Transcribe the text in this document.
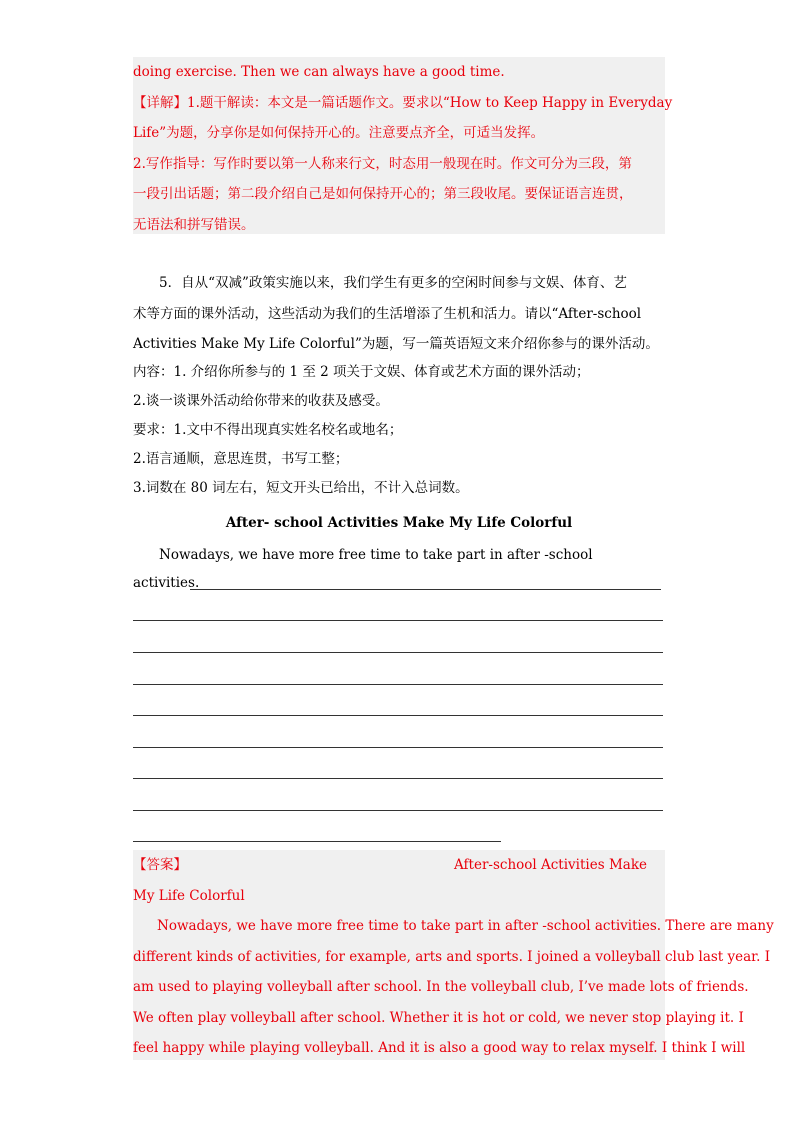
doing exercise. Then we can always have a good time.
【详解】1.题干解读：本文是一篇话题作文。要求以“How to Keep Happy in Everyday
Life”为题，分享你是如何保持开心的。注意要点齐全，可适当发挥。
2.写作指导：写作时要以第一人称来行文，时态用一般现在时。作文可分为三段，第
一段引出话题；第二段介绍自己是如何保持开心的；第三段收尾。要保证语言连贯，
无语法和拼写错误。
5．自从“双减”政策实施以来，我们学生有更多的空闲时间参与文娱、体育、艺
术等方面的课外活动，这些活动为我们的生活增添了生机和活力。请以“After-school
Activities Make My Life Colorful”为题，写一篇英语短文来介绍你参与的课外活动。
内容：1. 介绍你所参与的 1 至 2 项关于文娱、体育或艺术方面的课外活动；
2.谈一谈课外活动给你带来的收获及感受。
要求：1.文中不得出现真实姓名校名或地名；
2.语言通顺，意思连贯，书写工整；
3.词数在 80 词左右，短文开头已给出，不计入总词数。
After- school Activities Make My Life Colorful
Nowadays, we have more free time to take part in after -school
activities.
【答案】	After-school Activities Make
My Life Colorful
Nowadays, we have more free time to take part in after -school activities. There are many
different kinds of activities, for example, arts and sports. I joined a volleyball club last year. I
am used to playing volleyball after school. In the volleyball club, I’ve made lots of friends.
We often play volleyball after school. Whether it is hot or cold, we never stop playing it. I
feel happy while playing volleyball. And it is also a good way to relax myself. I think I will
